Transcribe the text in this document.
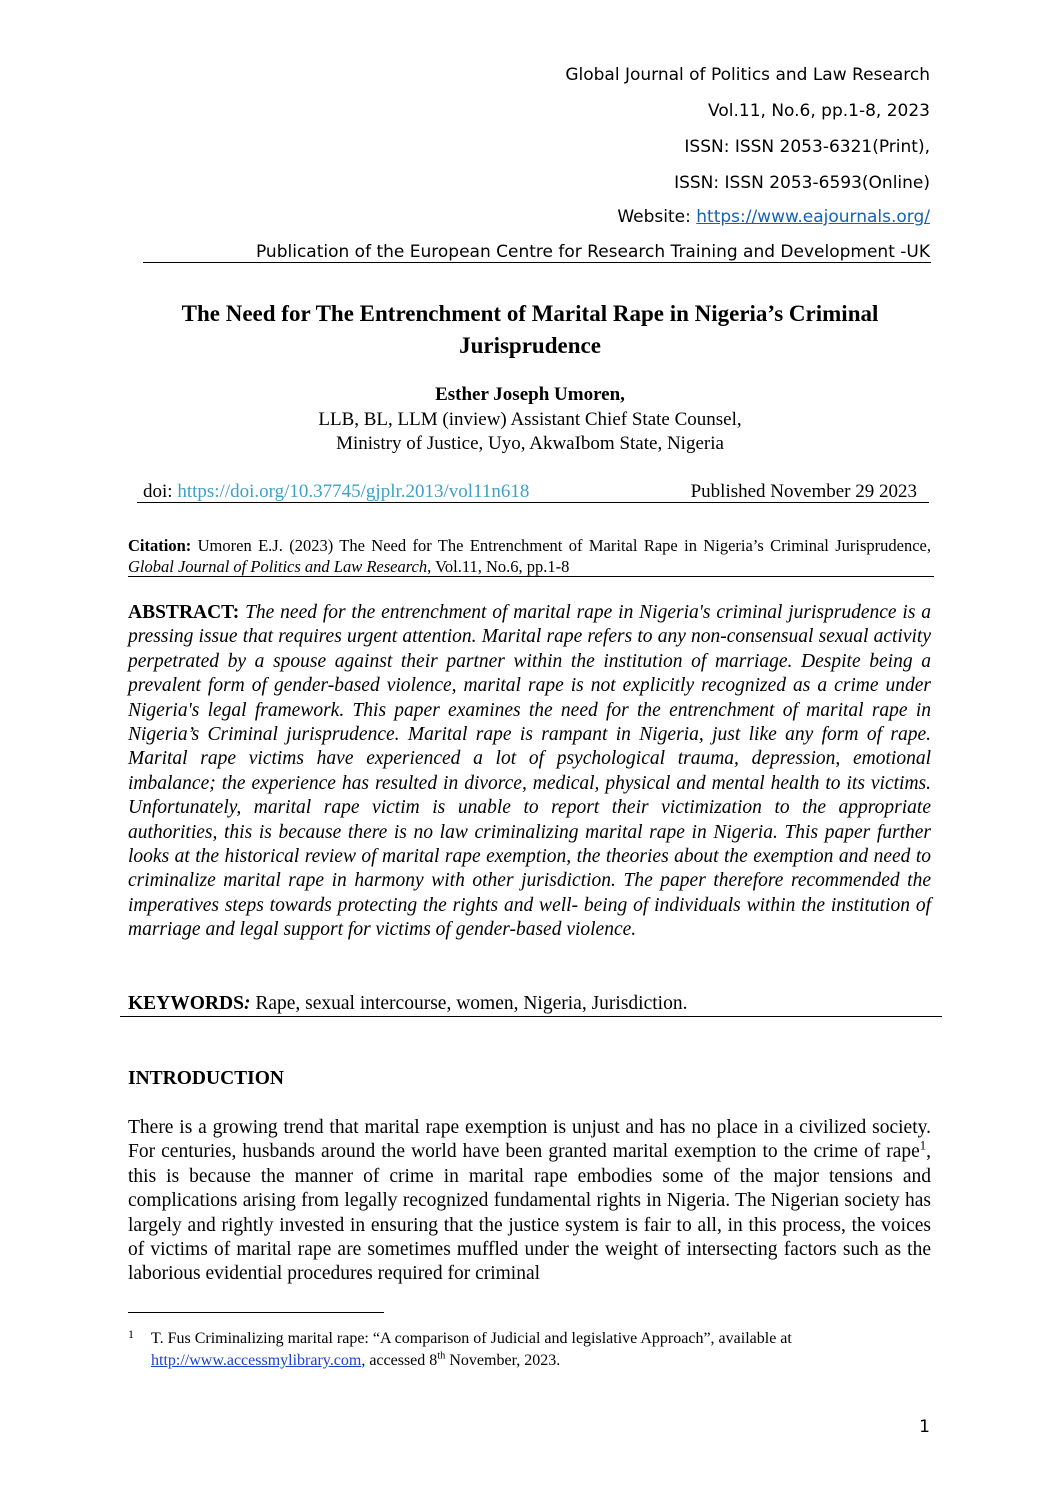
Global Journal of Politics and Law Research
Vol.11, No.6, pp.1-8, 2023
ISSN: ISSN 2053-6321(Print),
ISSN: ISSN 2053-6593(Online)
Website: https://www.eajournals.org/
Publication of the European Centre for Research Training and Development -UK
The Need for The Entrenchment of Marital Rape in Nigeria’s Criminal
Jurisprudence
Esther Joseph Umoren,
LLB, BL, LLM (inview) Assistant Chief State Counsel,
Ministry of Justice, Uyo, AkwaIbom State, Nigeria
doi: https://doi.org/10.37745/gjplr.2013/vol11n618	Published November 29 2023
Citation: Umoren E.J. (2023) The Need for The Entrenchment of Marital Rape in Nigeria’s Criminal Jurisprudence, Global Journal of Politics and Law Research, Vol.11, No.6, pp.1-8
ABSTRACT: The need for the entrenchment of marital rape in Nigeria's criminal jurisprudence is a pressing issue that requires urgent attention. Marital rape refers to any non-consensual sexual activity perpetrated by a spouse against their partner within the institution of marriage. Despite being a prevalent form of gender-based violence, marital rape is not explicitly recognized as a crime under Nigeria's legal framework. This paper examines the need for the entrenchment of marital rape in Nigeria’s Criminal jurisprudence. Marital rape is rampant in Nigeria, just like any form of rape. Marital rape victims have experienced a lot of psychological trauma, depression, emotional imbalance; the experience has resulted in divorce, medical, physical and mental health to its victims. Unfortunately, marital rape victim is unable to report their victimization to the appropriate authorities, this is because there is no law criminalizing marital rape in Nigeria. This paper further looks at the historical review of marital rape exemption, the theories about the exemption and need to criminalize marital rape in harmony with other jurisdiction. The paper therefore recommended the imperatives steps towards protecting the rights and well- being of individuals within the institution of marriage and legal support for victims of gender-based violence.
KEYWORDS: Rape, sexual intercourse, women, Nigeria, Jurisdiction.
INTRODUCTION
There is a growing trend that marital rape exemption is unjust and has no place in a civilized society. For centuries, husbands around the world have been granted marital exemption to the crime of rape$^1$, this is because the manner of crime in marital rape embodies some of the major tensions and complications arising from legally recognized fundamental rights in Nigeria. The Nigerian society has largely and rightly invested in ensuring that the justice system is fair to all, in this process, the voices of victims of marital rape are sometimes muffled under the weight of intersecting factors such as the laborious evidential procedures required for criminal
1 T. Fus Criminalizing marital rape: “A comparison of Judicial and legislative Approach”, available at
http://www.accessmylibrary.com, accessed 8th November, 2023.
1
